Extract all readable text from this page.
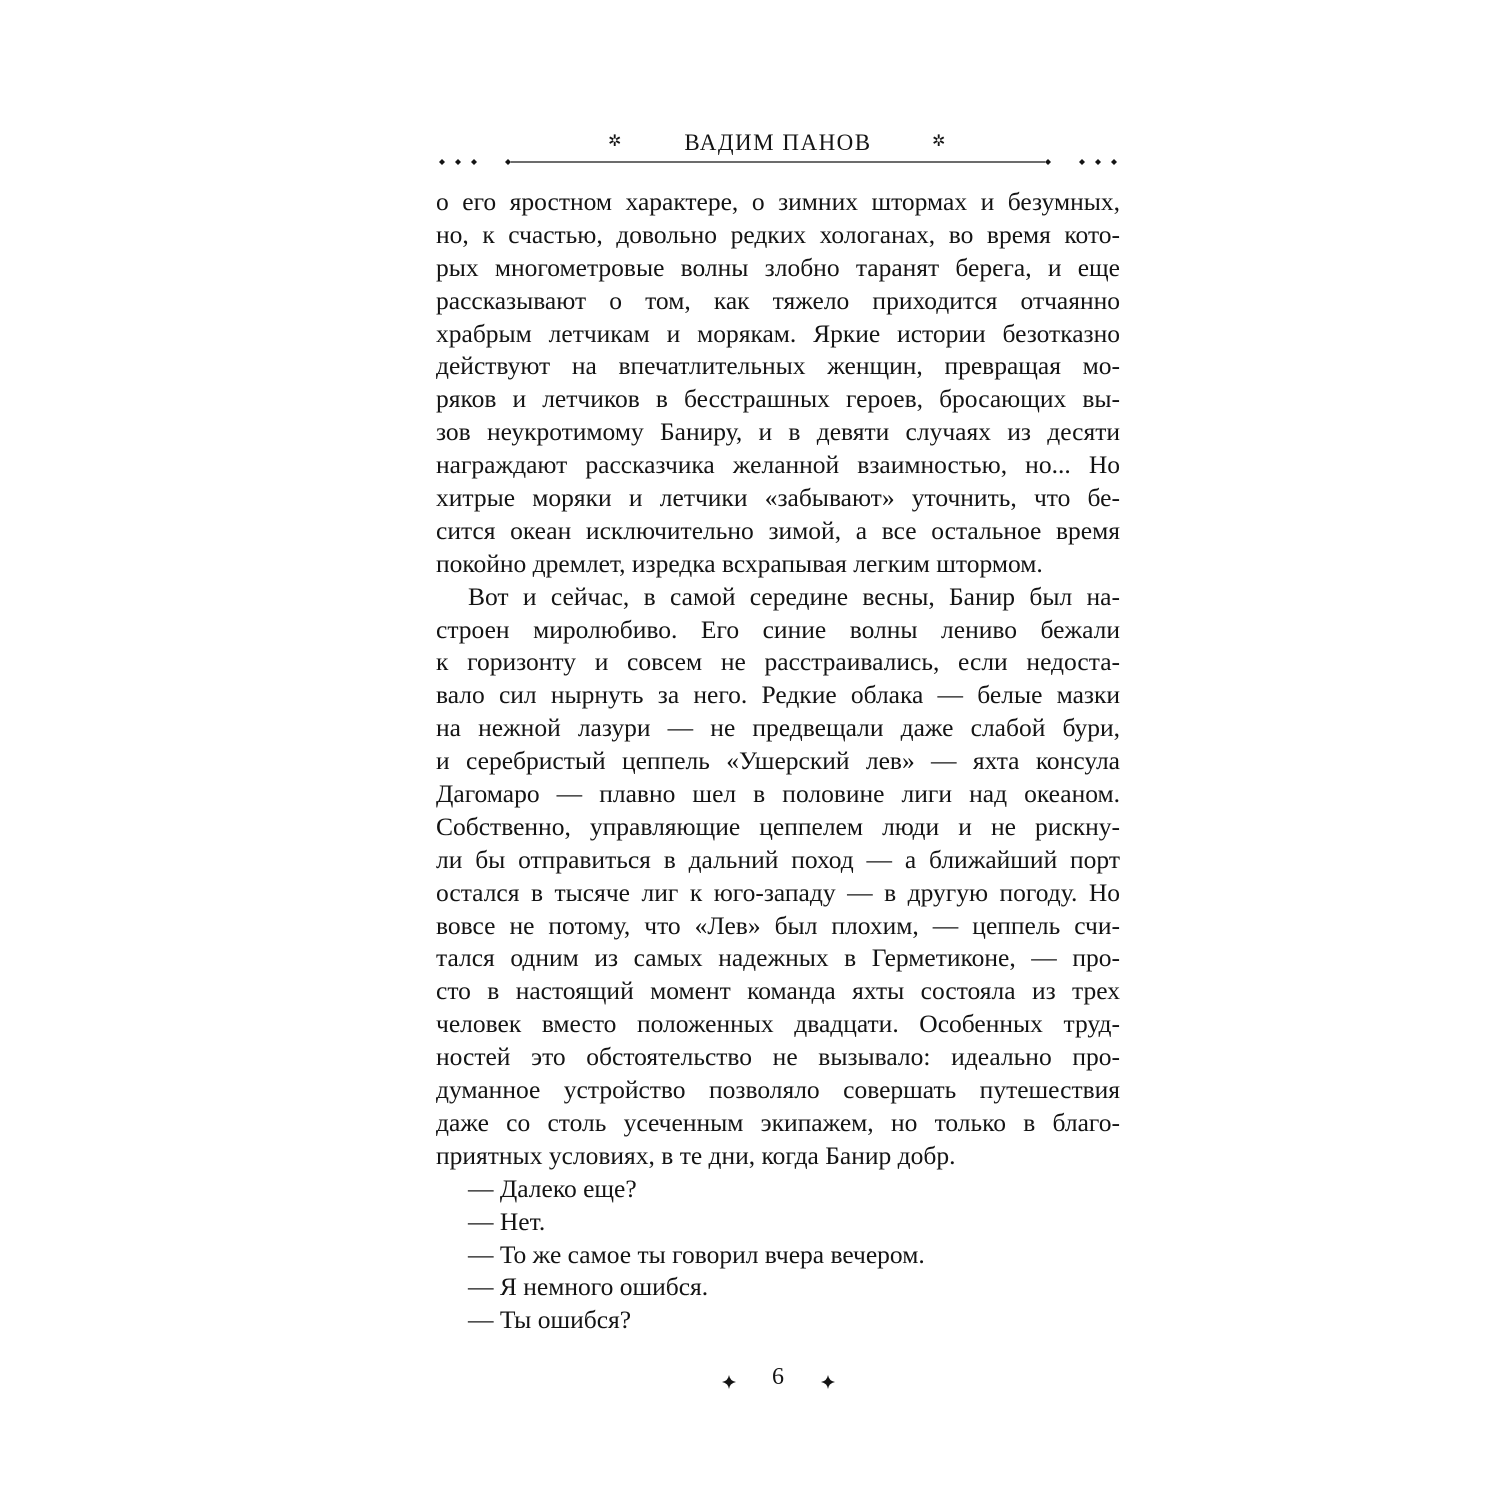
✲	ВАДИМ ПАНОВ	✲
о его яростном характере, о зимних штормах и безумных,
но, к счастью, довольно редких хологанах, во время кото-
рых многометровые волны злобно таранят берега, и еще
рассказывают о том, как тяжело приходится отчаянно
храбрым летчикам и морякам. Яркие истории безотказно
действуют на впечатлительных женщин, превращая мо-
ряков и летчиков в бесстрашных героев, бросающих вы-
зов неукротимому Баниру, и в девяти случаях из десяти
награждают рассказчика желанной взаимностью, но... Но
хитрые моряки и летчики «забывают» уточнить, что бе-
сится океан исключительно зимой, а все остальное время
покойно дремлет, изредка всхрапывая легким штормом.
Вот и сейчас, в самой середине весны, Банир был на-
строен миролюбиво. Его синие волны лениво бежали
к горизонту и совсем не расстраивались, если недоста-
вало сил нырнуть за него. Редкие облака — белые мазки
на нежной лазури — не предвещали даже слабой бури,
и серебристый цеппель «Ушерский лев» — яхта консула
Дагомаро — плавно шел в половине лиги над океаном.
Собственно, управляющие цеппелем люди и не рискну-
ли бы отправиться в дальний поход — а ближайший порт
остался в тысяче лиг к юго-западу — в другую погоду. Но
вовсе не потому, что «Лев» был плохим, — цеппель счи-
тался одним из самых надежных в Герметиконе, — про-
сто в настоящий момент команда яхты состояла из трех
человек вместо положенных двадцати. Особенных труд-
ностей это обстоятельство не вызывало: идеально про-
думанное устройство позволяло совершать путешествия
даже со столь усеченным экипажем, но только в благо-
приятных условиях, в те дни, когда Банир добр.
— Далеко еще?
— Нет.
— То же самое ты говорил вчера вечером.
— Я немного ошибся.
— Ты ошибся?
6
